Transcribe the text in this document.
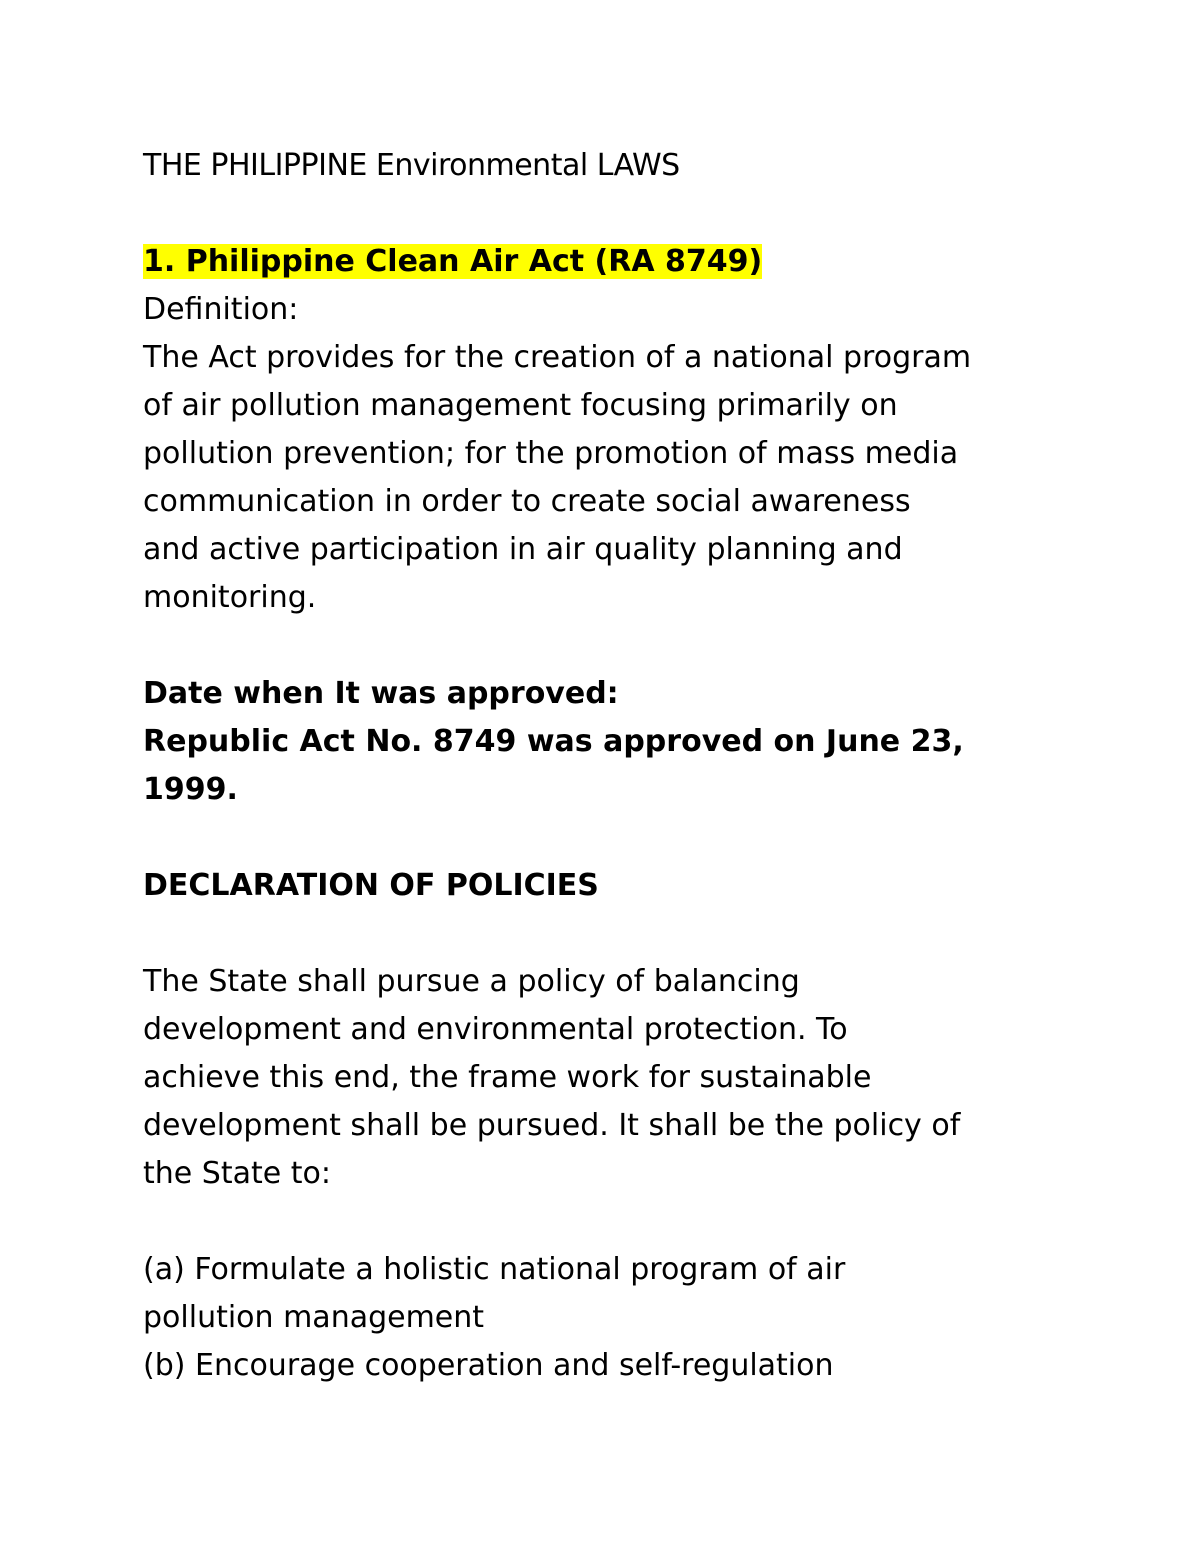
THE PHILIPPINE Environmental LAWS
1. Philippine Clean Air Act (RA 8749)
Definition:
The Act provides for the creation of a national program
of air pollution management focusing primarily on
pollution prevention; for the promotion of mass media
communication in order to create social awareness
and active participation in air quality planning and
monitoring.
Date when It was approved:
Republic Act No. 8749 was approved on June 23,
1999.
DECLARATION OF POLICIES
The State shall pursue a policy of balancing
development and environmental protection. To
achieve this end, the frame work for sustainable
development shall be pursued. It shall be the policy of
the State to:
(a) Formulate a holistic national program of air
pollution management
(b) Encourage cooperation and self-regulation
